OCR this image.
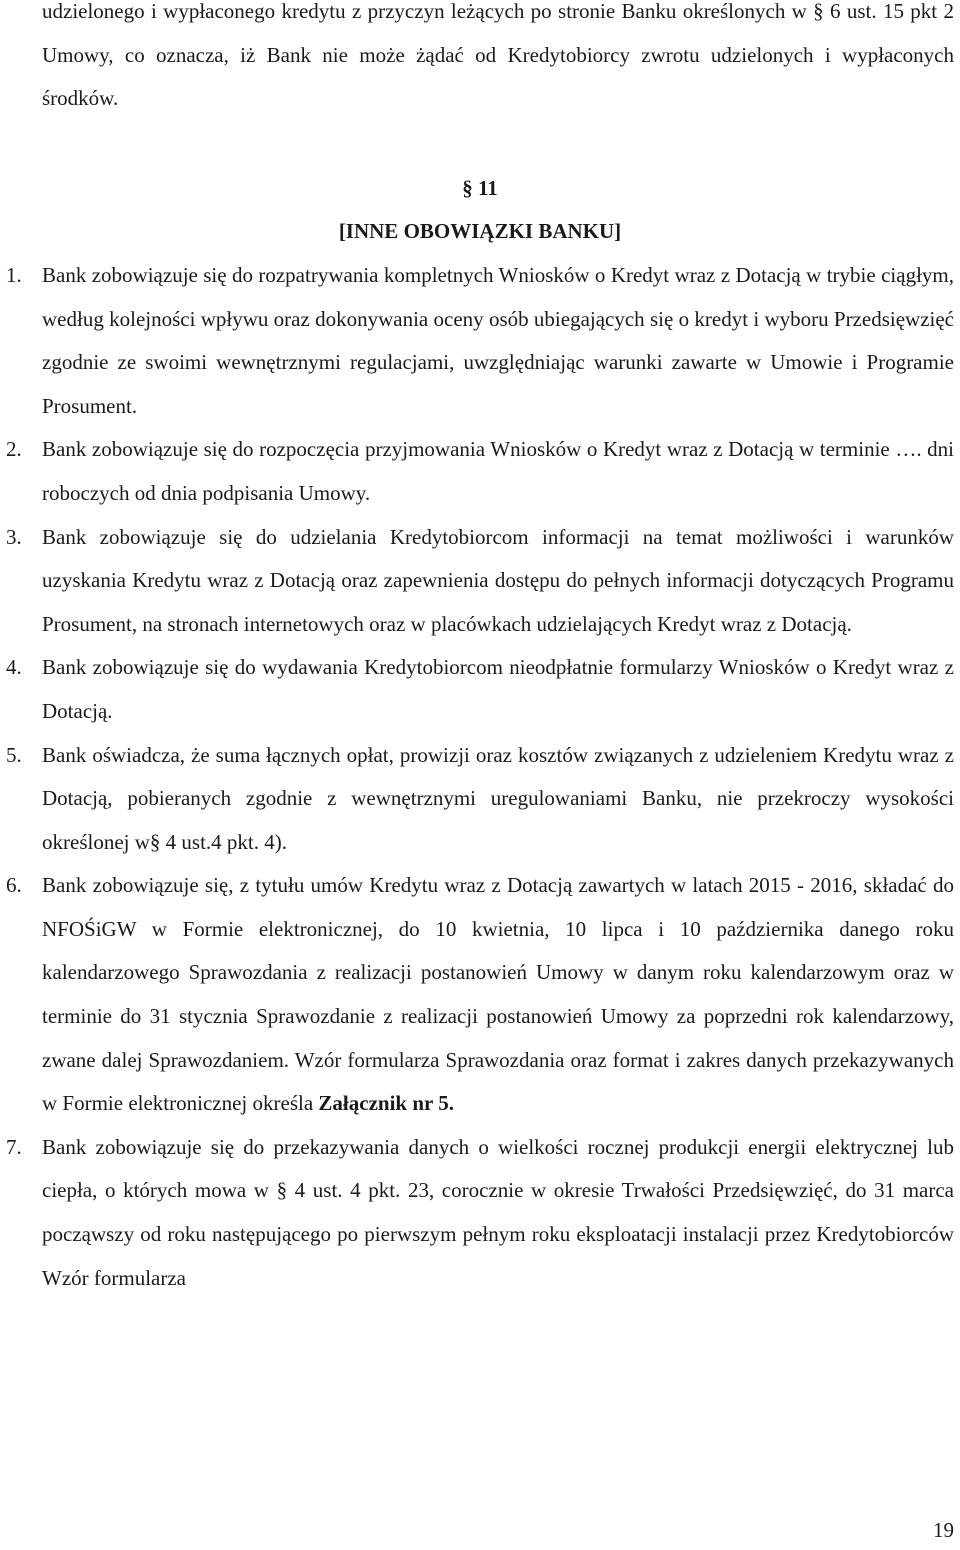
udzielonego i wypłaconego kredytu z przyczyn leżących po stronie Banku określonych w § 6 ust. 15 pkt 2 Umowy, co oznacza, iż Bank nie może żądać od Kredytobiorcy zwrotu udzielonych i wypłaconych środków.

§ 11

[INNE OBOWIĄZKI BANKU]

1. Bank zobowiązuje się do rozpatrywania kompletnych Wniosków o Kredyt wraz z Dotacją w trybie ciągłym, według kolejności wpływu oraz dokonywania oceny osób ubiegających się o kredyt i wyboru Przedsięwzięć zgodnie ze swoimi wewnętrznymi regulacjami, uwzględniając warunki zawarte w Umowie i Programie Prosument.
2. Bank zobowiązuje się do rozpoczęcia przyjmowania Wniosków o Kredyt wraz z Dotacją w terminie …. dni roboczych od dnia podpisania Umowy.
3. Bank zobowiązuje się do udzielania Kredytobiorcom informacji na temat możliwości i warunków uzyskania Kredytu wraz z Dotacją oraz zapewnienia dostępu do pełnych informacji dotyczących Programu Prosument, na stronach internetowych oraz w placówkach udzielających Kredyt wraz z Dotacją.
4. Bank zobowiązuje się do wydawania Kredytobiorcom nieodpłatnie formularzy Wniosków o Kredyt wraz z Dotacją.
5. Bank oświadcza, że suma łącznych opłat, prowizji oraz kosztów związanych z udzieleniem Kredytu wraz z Dotacją, pobieranych zgodnie z wewnętrznymi uregulowaniami Banku, nie przekroczy wysokości określonej w§ 4 ust.4 pkt. 4).
6. Bank zobowiązuje się, z tytułu umów Kredytu wraz z Dotacją zawartych w latach 2015 - 2016, składać do NFOŚiGW w Formie elektronicznej, do 10 kwietnia, 10 lipca i 10 października danego roku kalendarzowego Sprawozdania z realizacji postanowień Umowy w danym roku kalendarzowym oraz w terminie do 31 stycznia Sprawozdanie z realizacji postanowień Umowy za poprzedni rok kalendarzowy, zwane dalej Sprawozdaniem. Wzór formularza Sprawozdania oraz format i zakres danych przekazywanych w Formie elektronicznej określa Załącznik nr 5.
7. Bank zobowiązuje się do przekazywania danych o wielkości rocznej produkcji energii elektrycznej lub ciepła, o których mowa w § 4 ust. 4 pkt. 23, corocznie w okresie Trwałości Przedsięwzięć, do 31 marca począwszy od roku następującego po pierwszym pełnym roku eksploatacji instalacji przez Kredytobiorców Wzór formularza
19
